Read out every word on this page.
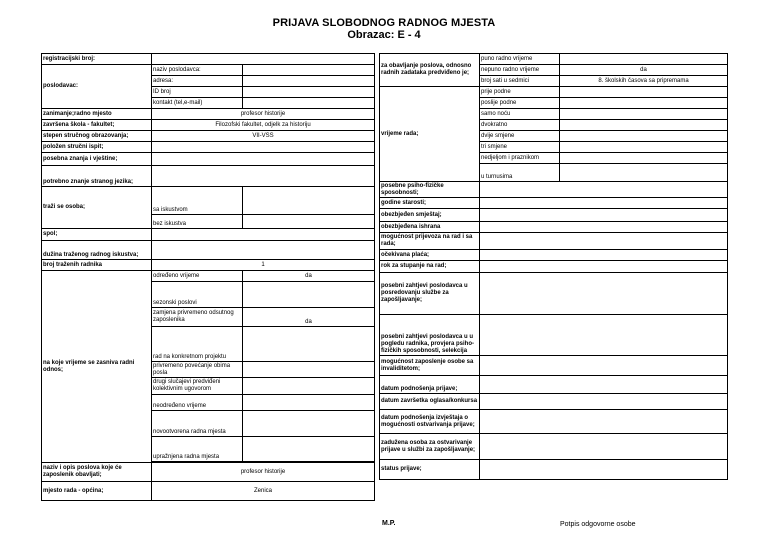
PRIJAVA SLOBODNOG RADNOG MJESTA
Obrazac: E - 4
registracijski broj:		
poslodavac:	naziv poslodavca:	
	adresa:	
	ID broj	
	kontakt (tel,e-mail)	
zanimanje;radno mjesto	profesor historije	
završena škola - fakultet;	Filozofski fakultet, odjelk za historiju	
stepen stručnog obrazovanja;	VII-VSS	
položen stručni ispit;		
posebna znanja i vještine;		
potrebno znanje stranog jezika;		
traži se osoba;	sa iskustvom	
	bez iskustva	
spol;		
dužina traženog radnog iskustva;		
broj traženih radnika	1	
na koje vrijeme se zasniva radni odnos;	određeno vrijeme	da
	sezonski poslovi	
	zamjena privremeno odsutnog zaposlenika	da
	rad na konkretnom projektu	
	privremeno povećanje obima posla	
	drugi slučajevi predviđeni kolektivnim ugovorom	
	neodređeno vrijeme	
	novootvorena radna mjesta	
	upražnjena radna mjesta	

naziv i opis poslova koje će zaposlenik obavljati;	profesor historije	
mjesto rada - općina;	Zenica	
za obavljanje poslova, odnosno radnih zadataka predviđeno je;	puno radno vrijeme	
	nepuno radno vrijeme	da
	broj sati u sedmici	8. školskih časova sa pripremama
vrijeme rada;	prije podne	
	poslije podne	
	samo noću	
	dvokratno	
	dvije smjene	
	tri smjene	
	nedjeljom i praznikom	
	u turnusima	
posebne psiho-fizičke sposobnosti;		
godine starosti;		
obezbjeđen smještaj;		
obezbjeđena ishrana		
mogućnost prijevoza na rad i sa rada;		
očekivana plaća;		
rok za stupanje na rad;		
posebni zahtjevi poslodavca u posredovanju službe za zapošljavanje;		
posebni zahtjevi poslodavca u u pogledu radnika, provjera psiho-fizičkih sposobnosti, selekcija		
mogućnost zaposlenje osobe sa invaliditetom;		
datum podnošenja prijave;		
datum završetka oglasa/konkursa		
datum podnošenja izvještaja o mogućnosti ostvarivanja prijave;		
zadužena osoba za ostvarivanje prijave u službi za zapošljavanje;		
status prijave;		
M.P.	Potpis odgovorne osobe
